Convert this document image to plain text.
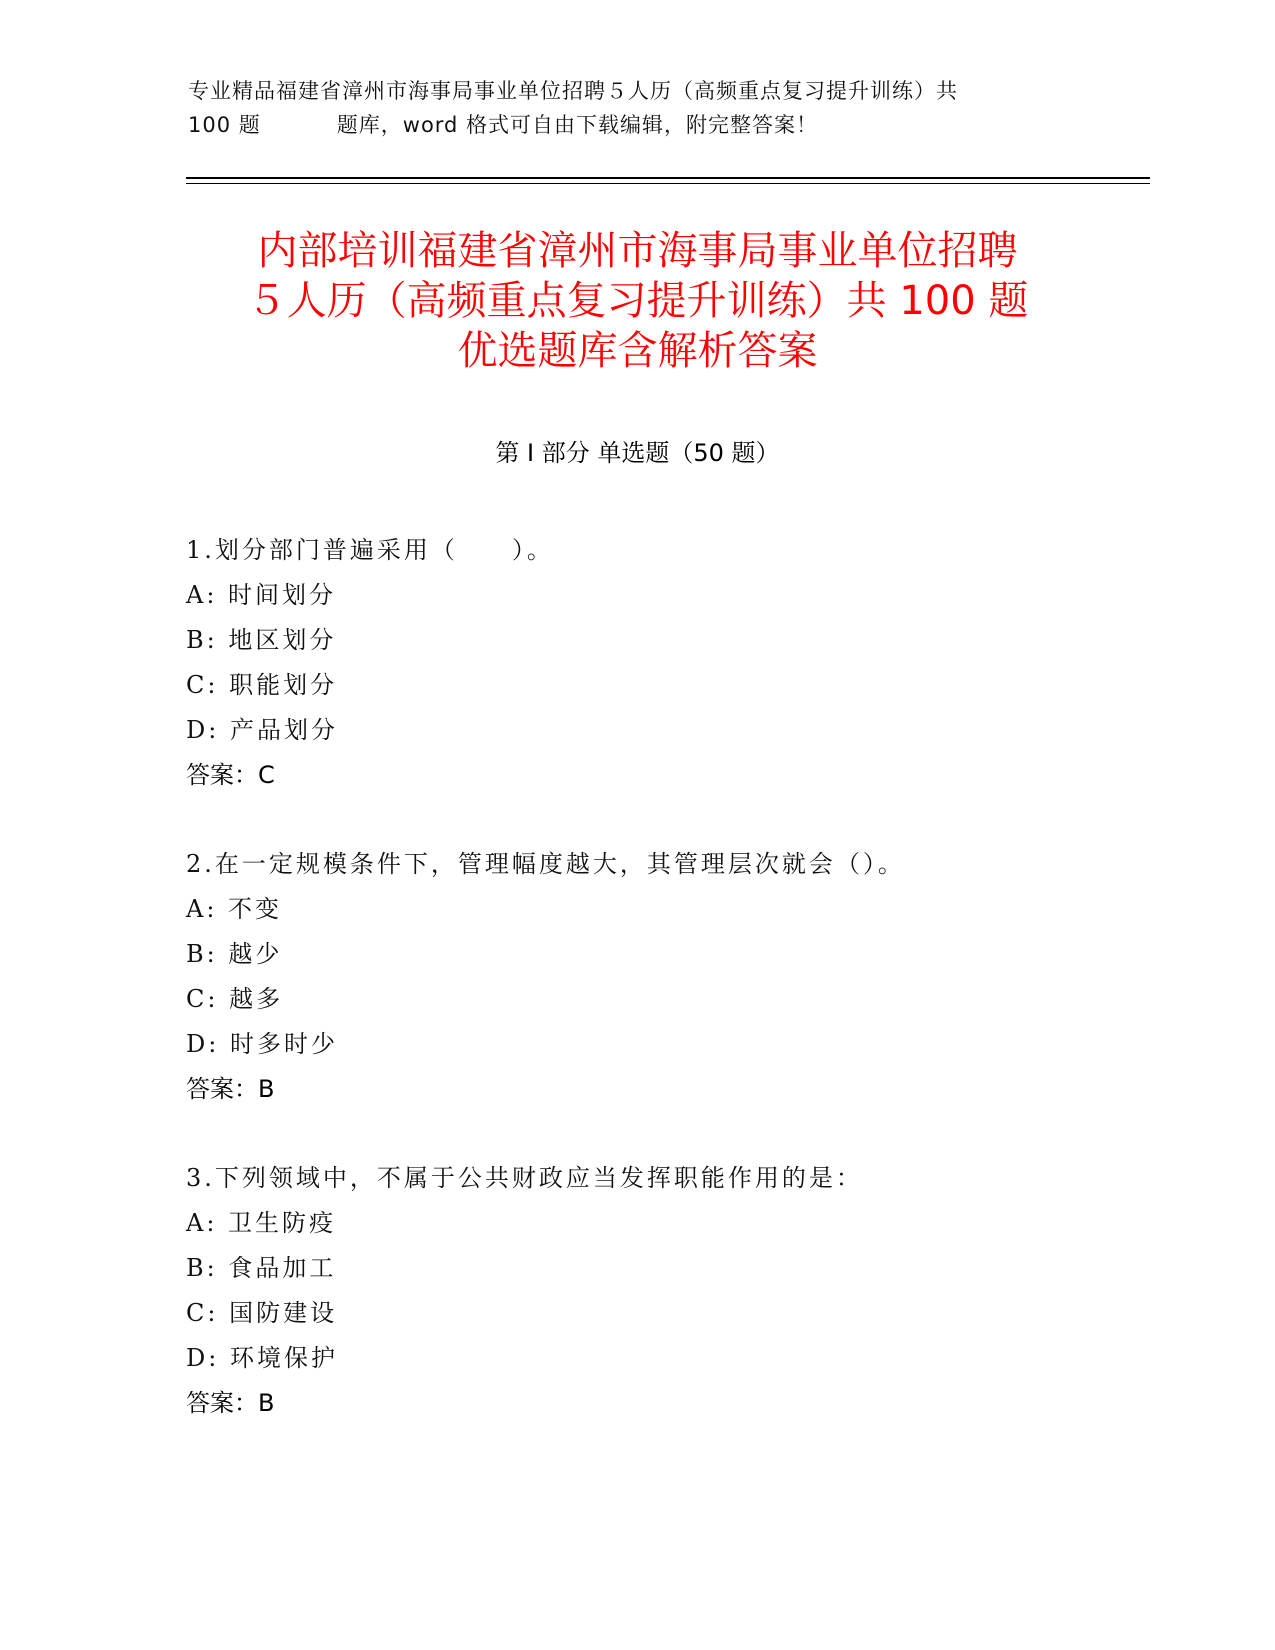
专业精品福建省漳州市海事局事业单位招聘５人历（高频重点复习提升训练）共
100 题	题库，word 格式可自由下载编辑，附完整答案！
内部培训福建省漳州市海事局事业单位招聘
５人历（高频重点复习提升训练）共 100 题
优选题库含解析答案
第 I 部分 单选题（50 题）
1.划分部门普遍采用（　　）。
A: 时间划分
B: 地区划分
C: 职能划分
D: 产品划分
答案：C
2.在一定规模条件下，管理幅度越大，其管理层次就会（）。
A: 不变
B: 越少
C: 越多
D: 时多时少
答案：B
3.下列领域中，不属于公共财政应当发挥职能作用的是：
A: 卫生防疫
B: 食品加工
C: 国防建设
D: 环境保护
答案：B
